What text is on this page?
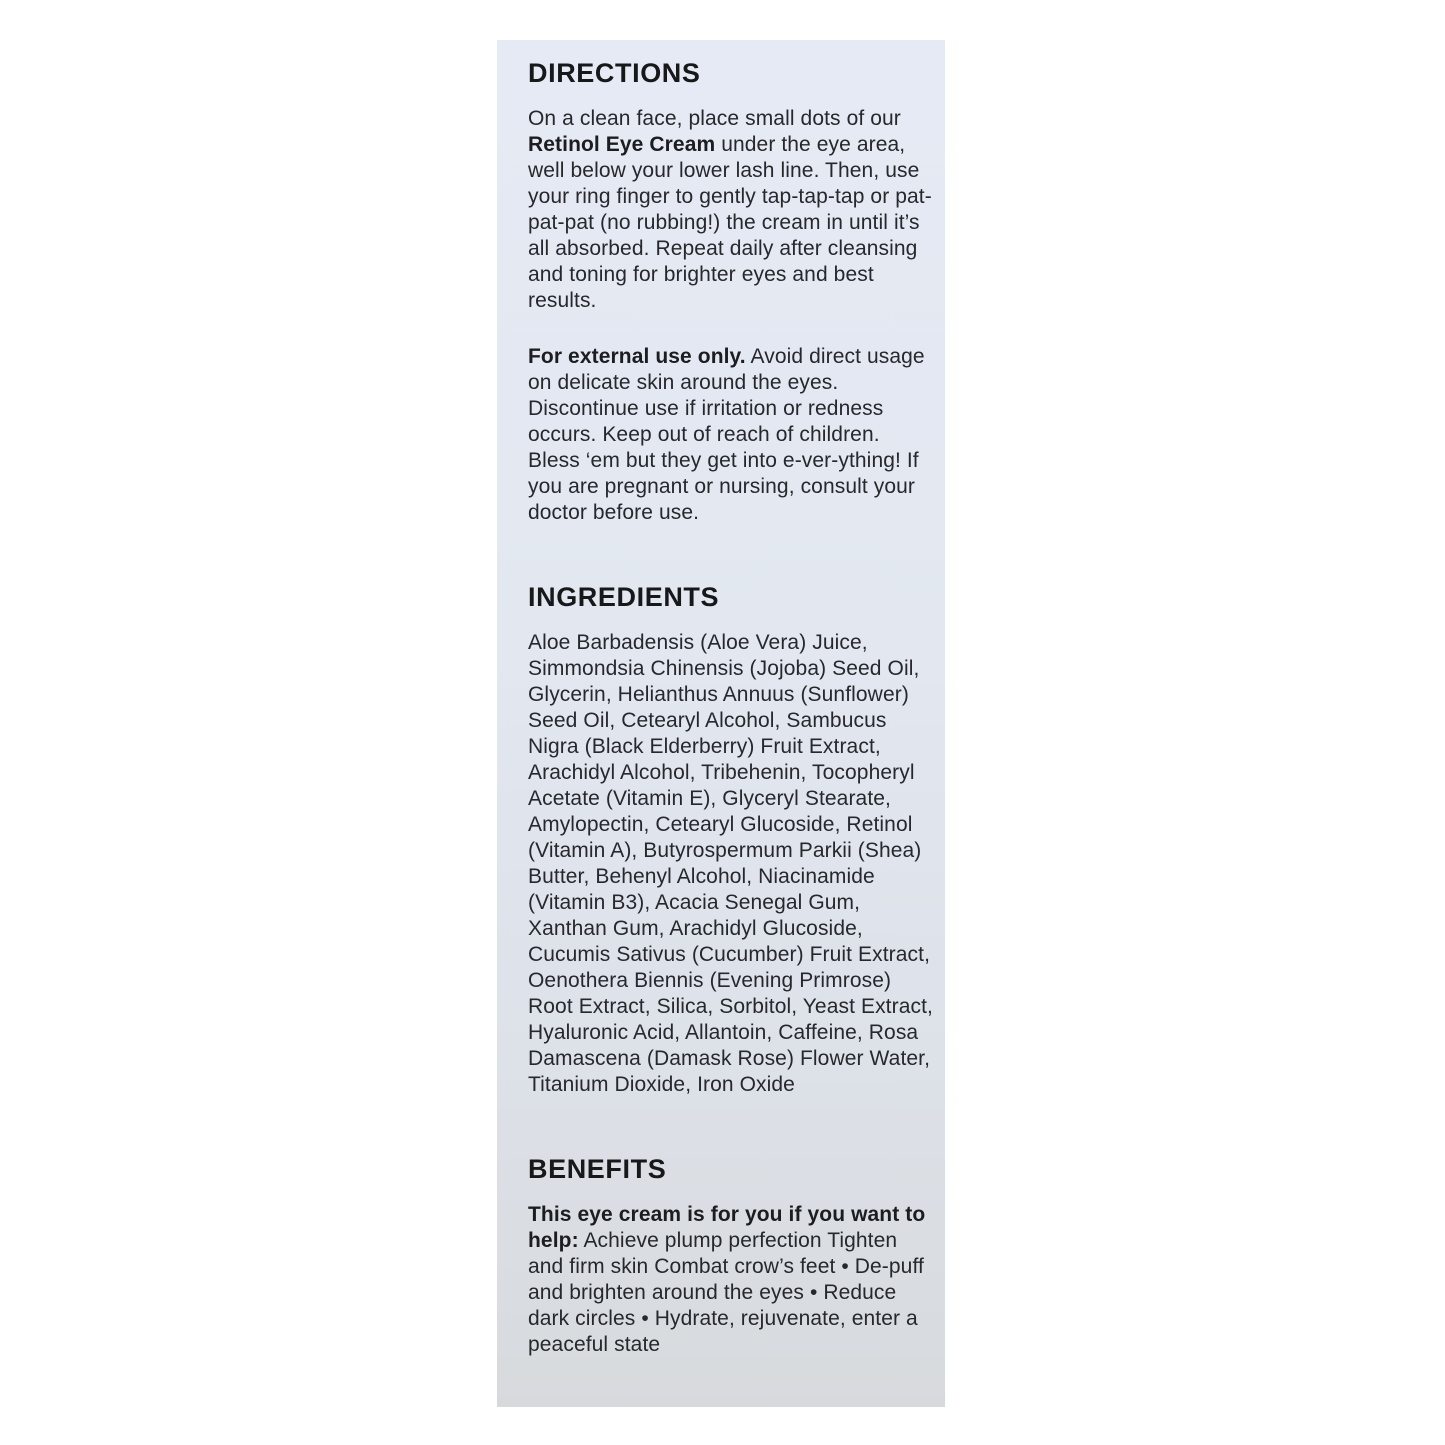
DIRECTIONS

On a clean face, place small dots of our Retinol Eye Cream under the eye area, well below your lower lash line. Then, use your ring finger to gently tap-tap-tap or pat-pat-pat (no rubbing!) the cream in until it’s all absorbed. Repeat daily after cleansing and toning for brighter eyes and best results.

For external use only. Avoid direct usage on delicate skin around the eyes. Discontinue use if irritation or redness occurs. Keep out of reach of children. Bless ‘em but they get into e-ver-ything! If you are pregnant or nursing, consult your doctor before use.

INGREDIENTS

Aloe Barbadensis (Aloe Vera) Juice, Simmondsia Chinensis (Jojoba) Seed Oil, Glycerin, Helianthus Annuus (Sunflower) Seed Oil, Cetearyl Alcohol, Sambucus Nigra (Black Elderberry) Fruit Extract, Arachidyl Alcohol, Tribehenin, Tocopheryl Acetate (Vitamin E), Glyceryl Stearate, Amylopectin, Cetearyl Glucoside, Retinol (Vitamin A), Butyrospermum Parkii (Shea) Butter, Behenyl Alcohol, Niacinamide (Vitamin B3), Acacia Senegal Gum, Xanthan Gum, Arachidyl Glucoside, Cucumis Sativus (Cucumber) Fruit Extract, Oenothera Biennis (Evening Primrose) Root Extract, Silica, Sorbitol, Yeast Extract, Hyaluronic Acid, Allantoin, Caffeine, Rosa Damascena (Damask Rose) Flower Water, Titanium Dioxide, Iron Oxide

BENEFITS

This eye cream is for you if you want to help: Achieve plump perfection Tighten and firm skin Combat crow’s feet • De-puff and brighten around the eyes • Reduce dark circles • Hydrate, rejuvenate, enter a peaceful state
